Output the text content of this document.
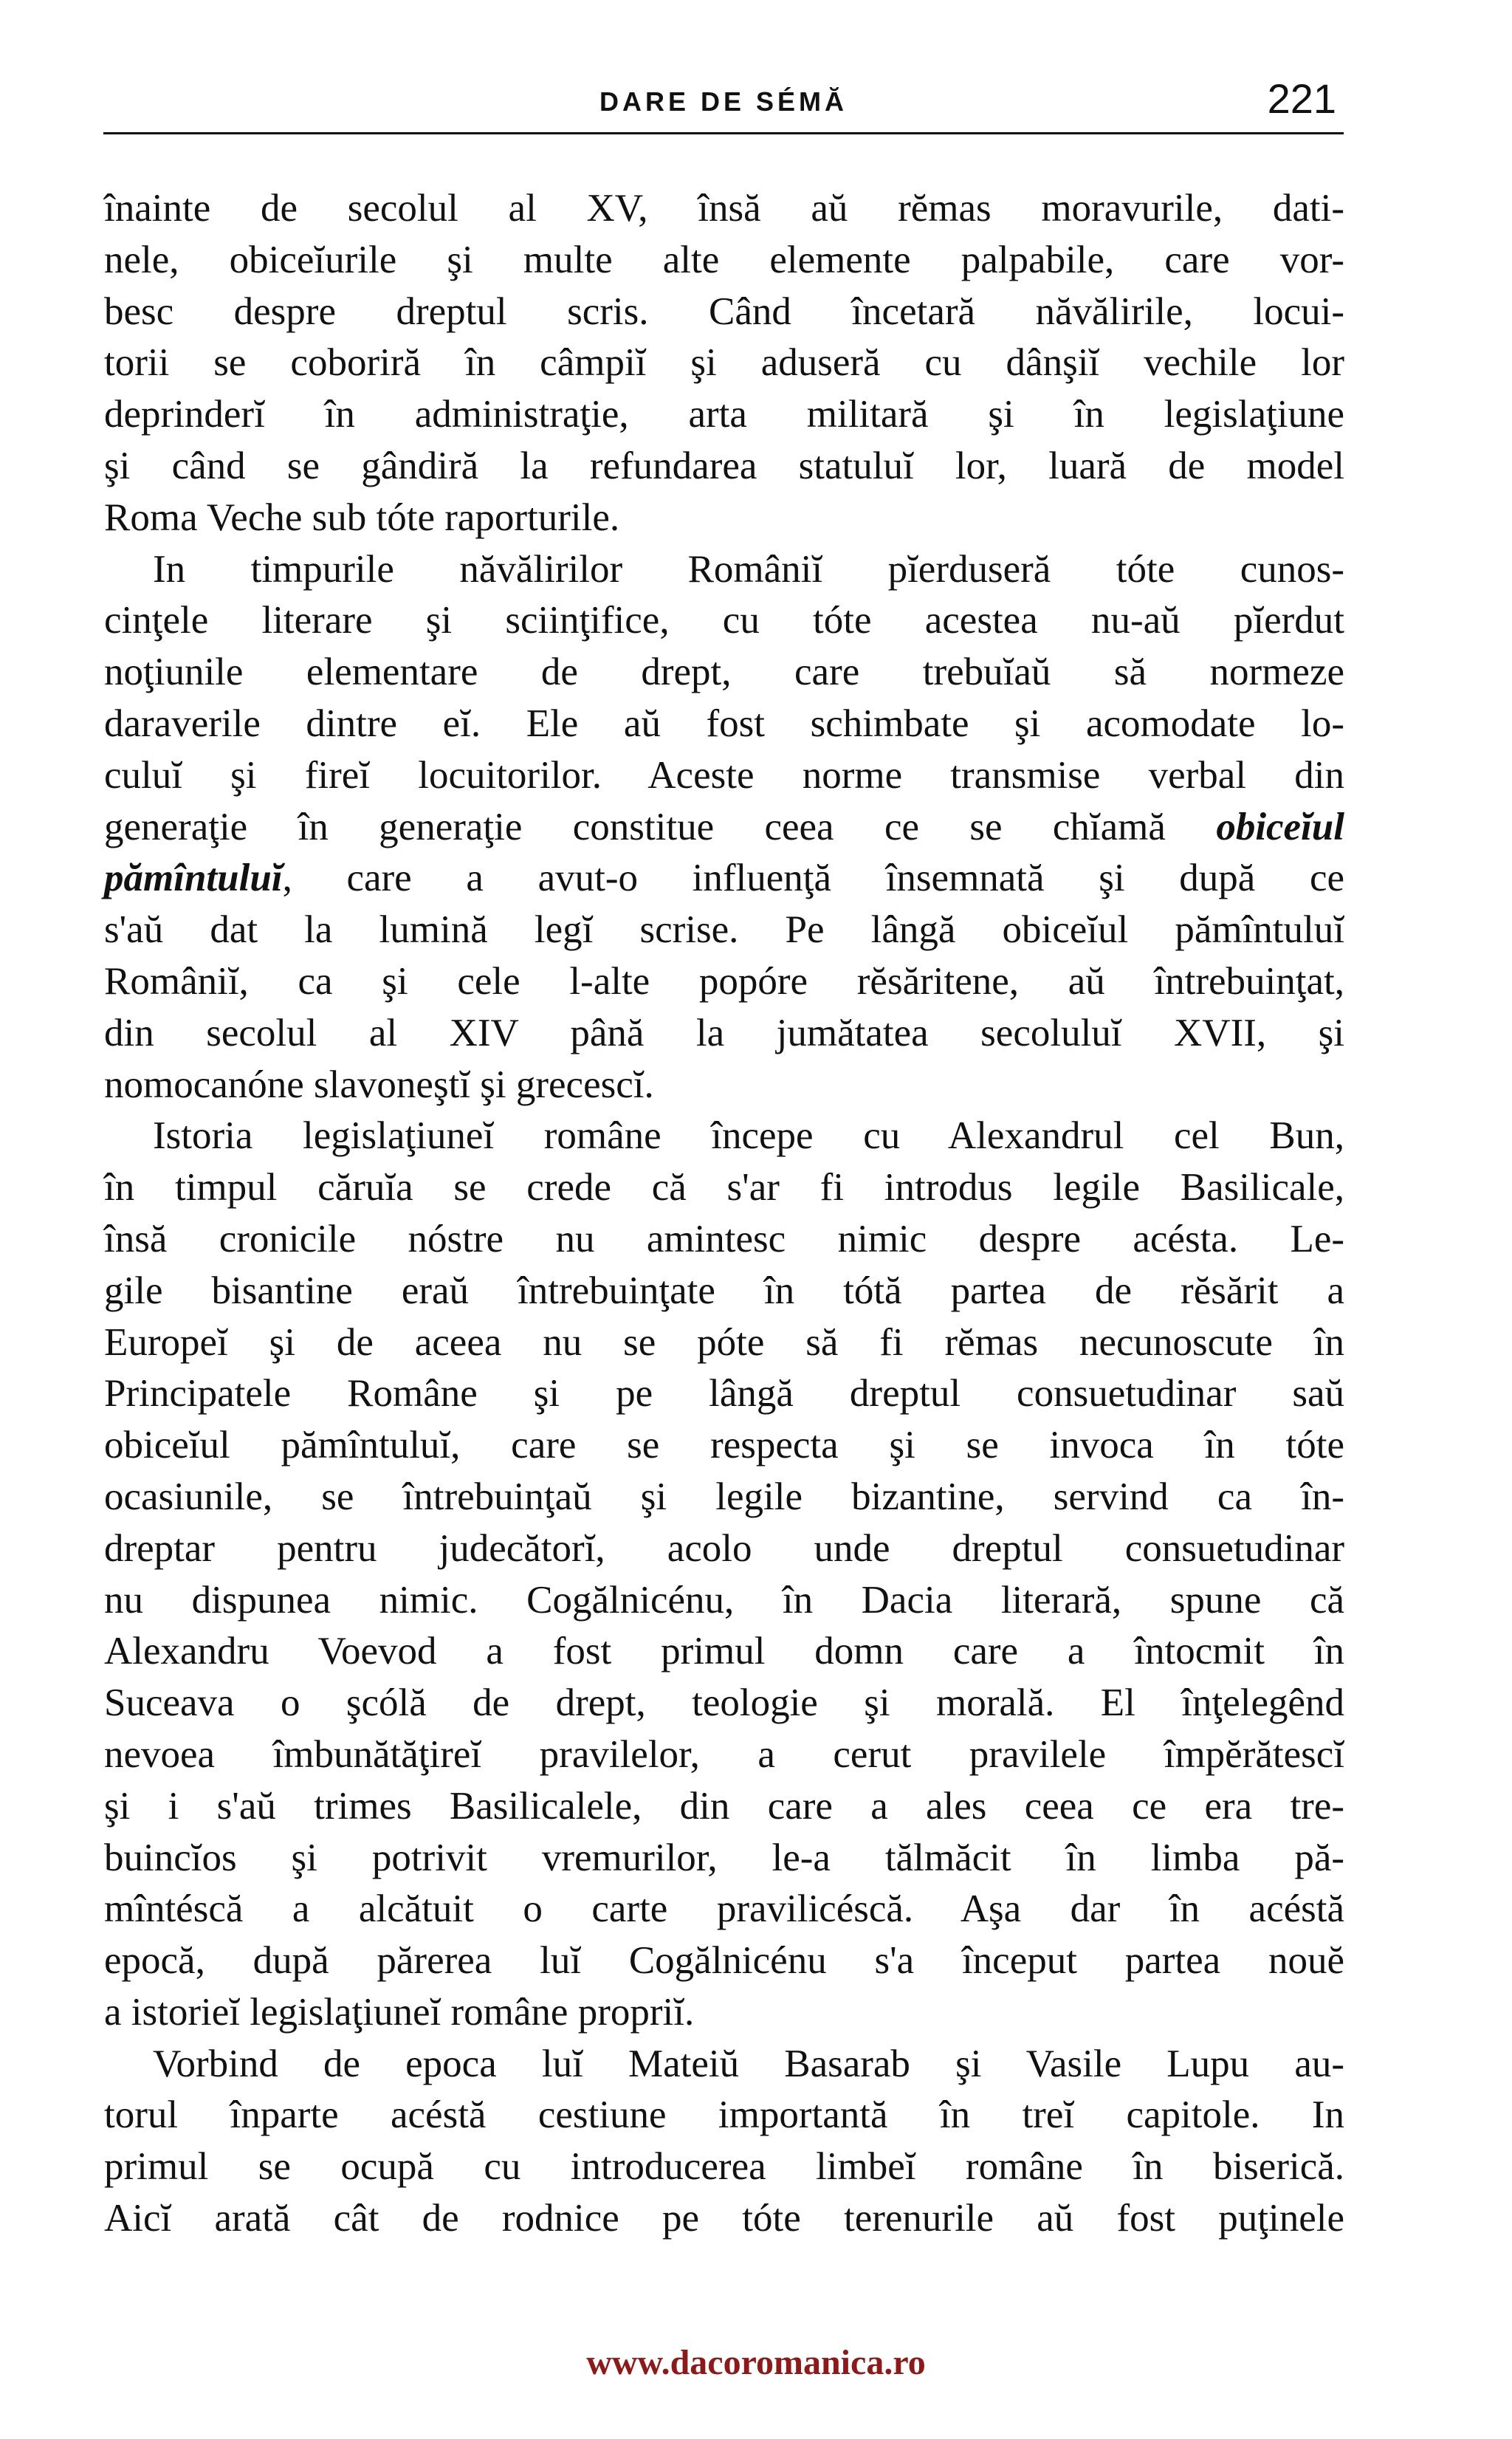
DARE DE SÉMĂ	221
înainte de secolul al XV, însă aŭ rĕmas moravurile, dati-
nele, obiceĭurile şi multe alte elemente palpabile, care vor-
besc despre dreptul scris. Când încetară năvălirile, locui-
torii se coboriră în câmpiĭ şi aduseră cu dânşiĭ vechile lor
deprinderĭ în administraţie, arta militară şi în legislaţiune
şi când se gândiră la refundarea statuluĭ lor, luară de model
Roma Veche sub tóte raporturile.
In timpurile năvălirilor Româniĭ pĭerduseră tóte cunos-
cinţele literare şi sciinţifice, cu tóte acestea nu-aŭ pĭerdut
noţiunile elementare de drept, care trebuĭaŭ să normeze
daraverile dintre eĭ. Ele aŭ fost schimbate şi acomodate lo-
culuĭ şi fireĭ locuitorilor. Aceste norme transmise verbal din
generaţie în generaţie constitue ceea ce se chĭamă obiceĭul
pămîntuluĭ, care a avut-o influenţă însemnată şi după ce
s'aŭ dat la lumină legĭ scrise. Pe lângă obiceĭul pămîntuluĭ
Româniĭ, ca şi cele l-alte popóre rĕsăritene, aŭ întrebuinţat,
din secolul al XIV până la jumătatea secoluluĭ XVII, şi
nomocanóne slavoneştĭ şi grecescĭ.
Istoria legislaţiuneĭ române începe cu Alexandrul cel Bun,
în timpul căruĭa se crede că s'ar fi introdus legile Basilicale,
însă cronicile nóstre nu amintesc nimic despre acésta. Le-
gile bisantine eraŭ întrebuinţate în tótă partea de rĕsărit a
Europeĭ şi de aceea nu se póte să fi rĕmas necunoscute în
Principatele Române şi pe lângă dreptul consuetudinar saŭ
obiceĭul pămîntuluĭ, care se respecta şi se invoca în tóte
ocasiunile, se întrebuinţaŭ şi legile bizantine, servind ca în-
dreptar pentru judecătorĭ, acolo unde dreptul consuetudinar
nu dispunea nimic. Cogălnicénu, în Dacia literară, spune că
Alexandru Voevod a fost primul domn care a întocmit în
Suceava o şcólă de drept, teologie şi morală. El înţelegênd
nevoea îmbunătăţireĭ pravilelor, a cerut pravilele împĕrătescĭ
şi i s'aŭ trimes Basilicalele, din care a ales ceea ce era tre-
buincĭos şi potrivit vremurilor, le-a tălmăcit în limba pă-
mîntéscă a alcătuit o carte pravilicéscă. Aşa dar în acéstă
epocă, după părerea luĭ Cogălnicénu s'a început partea nouĕ
a istorieĭ legislaţiuneĭ române propriĭ.
Vorbind de epoca luĭ Mateiŭ Basarab şi Vasile Lupu au-
torul înparte acéstă cestiune importantă în treĭ capitole. In
primul se ocupă cu introducerea limbeĭ române în biserică.
Aicĭ arată cât de rodnice pe tóte terenurile aŭ fost puţinele
www.dacoromanica.ro
